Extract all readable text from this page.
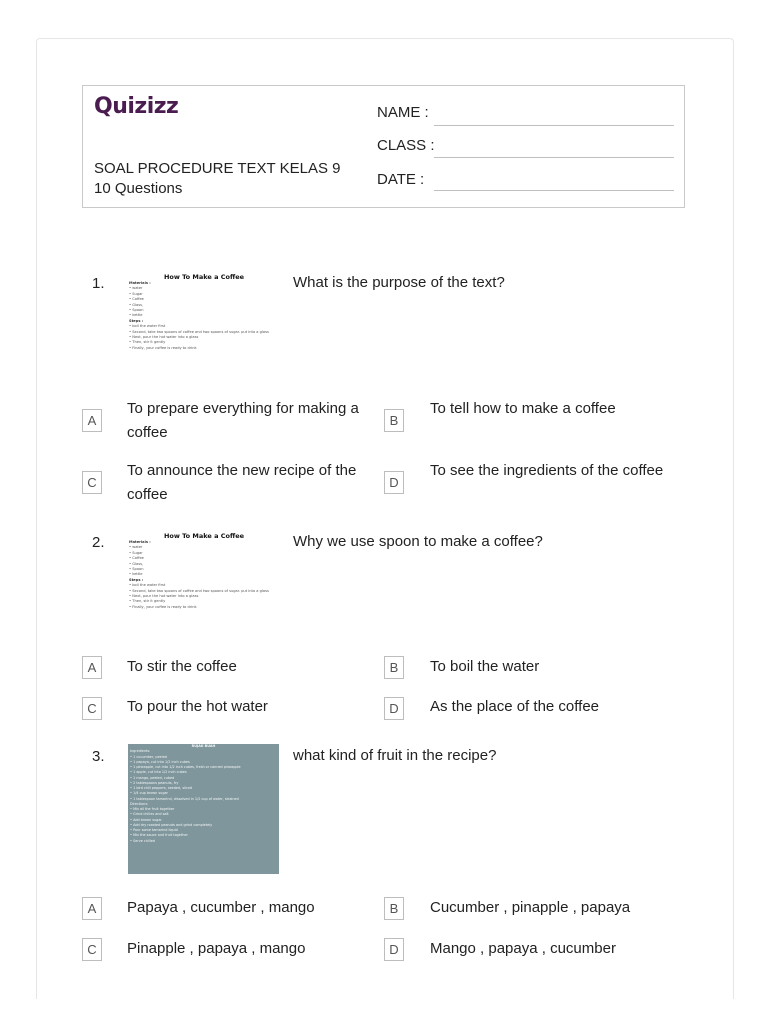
Quizizz
SOAL PROCEDURE TEXT KELAS 9
10 Questions
NAME :
CLASS :
DATE :
1.	What is the purpose of the text?
How To Make a Coffee
Materials :
• water
• Sugar
• Coffee
• Glass,
• Spoon
• kettle
Steps :
• boil the water first
• Second, take two spoons of coffee and two spoons of sugar. put into a glass
• Next, pour the hot water into a glass
• Then, stir it gently
• Finally, your coffee is ready to drink
A
To prepare everything for making a coffee
B
To tell how to make a coffee
C
To announce the new recipe of the coffee
D
To see the ingredients of the coffee
2.	Why we use spoon to make a coffee?
How To Make a Coffee
Materials :
• water
• Sugar
• Coffee
• Glass,
• Spoon
• kettle
Steps :
• boil the water first
• Second, take two spoons of coffee and two spoons of sugar. put into a glass
• Next, pour the hot water into a glass
• Then, stir it gently
• Finally, your coffee is ready to drink
A	To stir the coffee	B	To boil the water
C	To pour the hot water	D	As the place of the coffee
3.	what kind of fruit in the recipe?
RUJAK BUAH
Ingredients:
• 1 cucumber, peeled
• 1 papaya, cut into 1/2 inch cubes
• 1 pineapple, cut into 1/2 inch cubes, fresh or canned pineapple
• 1 apple, cut into 1/2 inch cubes
• 1 mango, peeled, cubed
• 2 tablespoons peanuts, fry
• 1 bird chili peppers, seeded, sliced
• 1/4 cup brown sugar
• 1 tablespoon tamarind, dissolved in 1/2 cup of water, strained
Directions:
• Mix all the fruit together
• Grind chilies and salt
• Add brown sugar
• Add dry roasted peanuts and grind completely
• Pour some tamarind liquid
• Mix the sauce and fruit together
• Serve chilled
A	Papaya , cucumber , mango	B	Cucumber , pinapple , papaya
C	Pinapple , papaya , mango	D	Mango , papaya , cucumber
